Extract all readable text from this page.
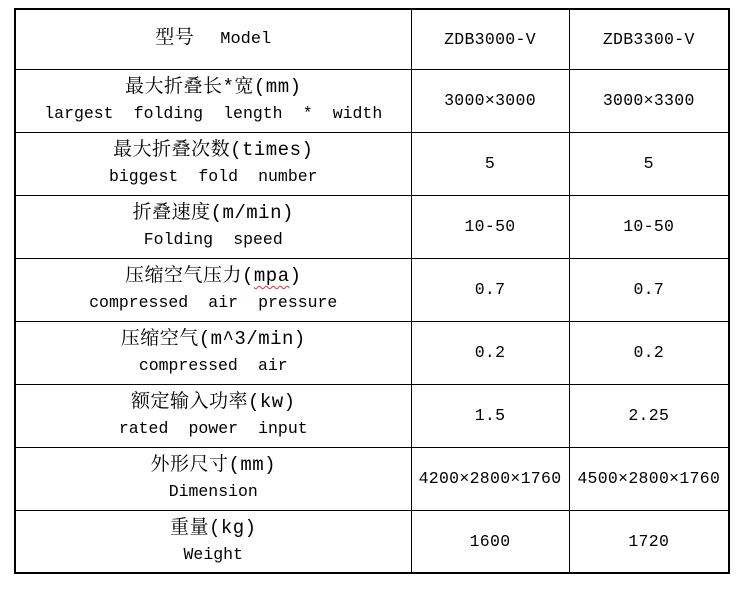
型号 Model	ZDB3000-V	ZDB3300-V

最大折叠长*宽(mm)
largest folding length * width	3000×3000	3000×3300

最大折叠次数(times)
biggest fold number	5	5

折叠速度(m/min)
Folding speed	10-50	10-50

压缩空气压力(mpa)
compressed air pressure	0.7	0.7

压缩空气(m^3/min)
compressed air	0.2	0.2

额定输入功率(kw)
rated power input	1.5	2.25

外形尺寸(mm)
Dimension	4200×2800×1760	4500×2800×1760

重量(kg)
Weight	1600	1720
